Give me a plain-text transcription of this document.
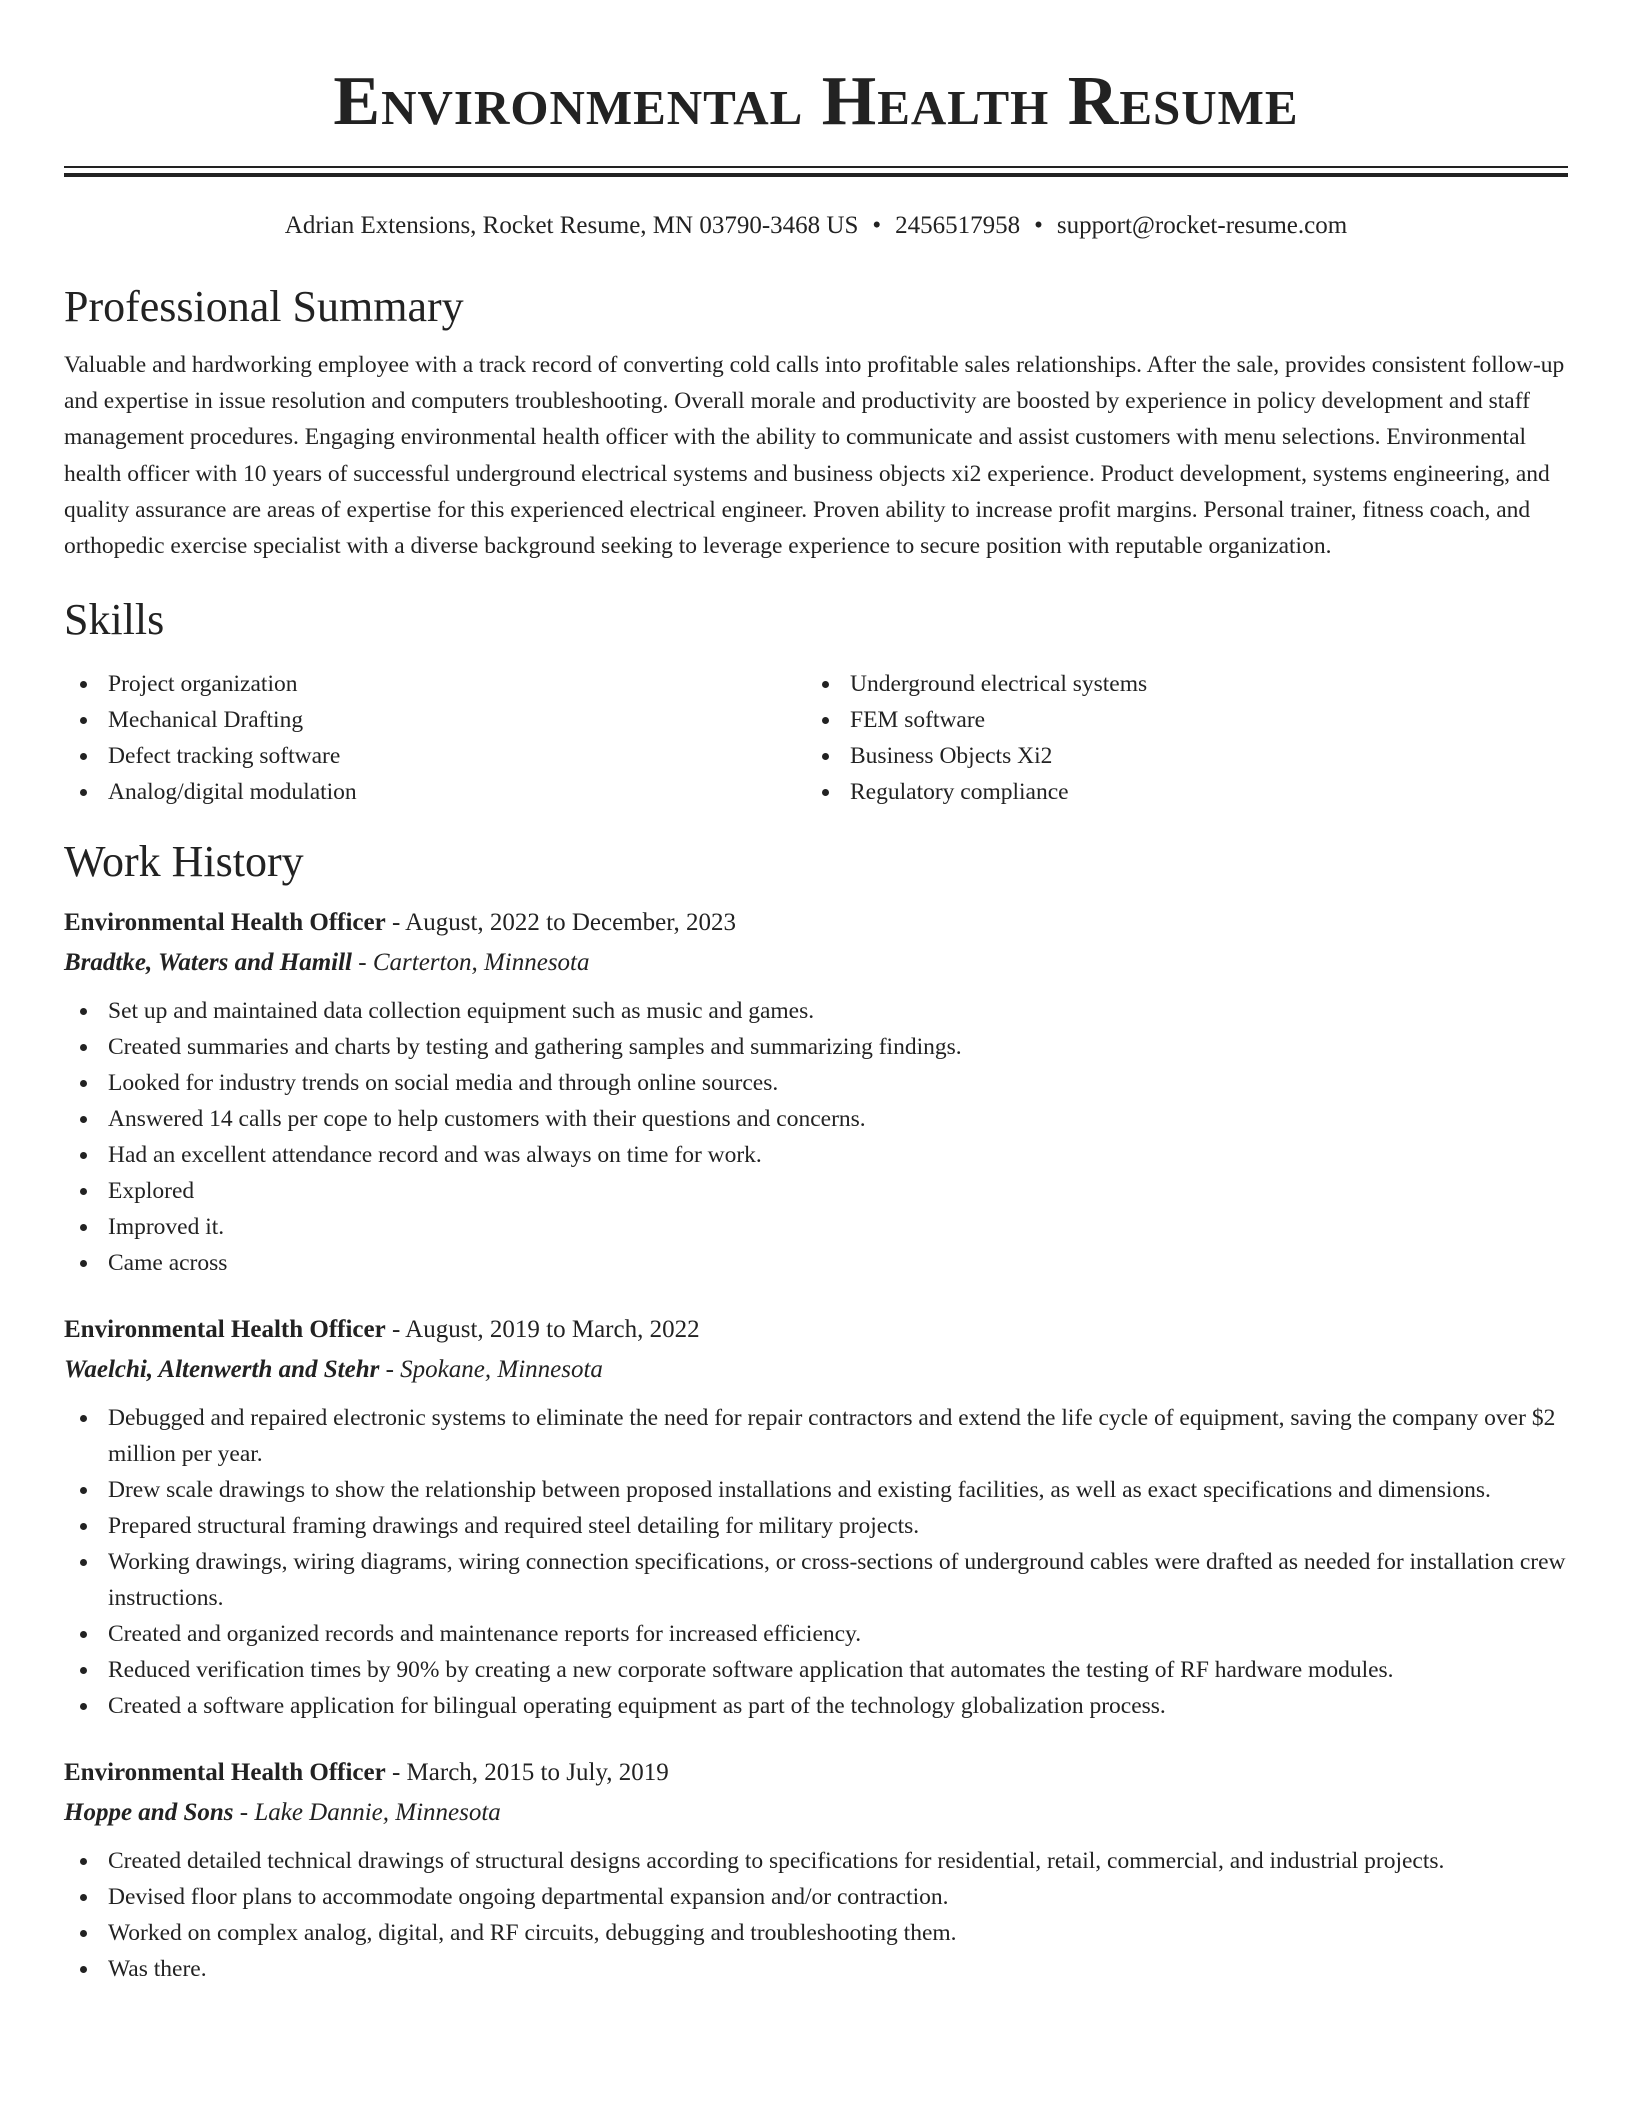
Environmental Health Resume
Adrian Extensions, Rocket Resume, MN 03790-3468 US • 2456517958 • support@rocket-resume.com
Professional Summary

Valuable and hardworking employee with a track record of converting cold calls into profitable sales relationships. After the sale, provides consistent follow-up and expertise in issue resolution and computers troubleshooting. Overall morale and productivity are boosted by experience in policy development and staff management procedures. Engaging environmental health officer with the ability to communicate and assist customers with menu selections. Environmental health officer with 10 years of successful underground electrical systems and business objects xi2 experience. Product development, systems engineering, and quality assurance are areas of expertise for this experienced electrical engineer. Proven ability to increase profit margins. Personal trainer, fitness coach, and orthopedic exercise specialist with a diverse background seeking to leverage experience to secure position with reputable organization.

Skills
Project organization
Mechanical Drafting
Defect tracking software
Analog/digital modulation
Underground electrical systems
FEM software
Business Objects Xi2
Regulatory compliance
Work History
Environmental Health Officer - August, 2022 to December, 2023
Bradtke, Waters and Hamill - Carterton, Minnesota
Set up and maintained data collection equipment such as music and games.
Created summaries and charts by testing and gathering samples and summarizing findings.
Looked for industry trends on social media and through online sources.
Answered 14 calls per cope to help customers with their questions and concerns.
Had an excellent attendance record and was always on time for work.
Explored
Improved it.
Came across
Environmental Health Officer - August, 2019 to March, 2022
Waelchi, Altenwerth and Stehr - Spokane, Minnesota
Debugged and repaired electronic systems to eliminate the need for repair contractors and extend the life cycle of equipment, saving the company over $2 million per year.
Drew scale drawings to show the relationship between proposed installations and existing facilities, as well as exact specifications and dimensions.
Prepared structural framing drawings and required steel detailing for military projects.
Working drawings, wiring diagrams, wiring connection specifications, or cross-sections of underground cables were drafted as needed for installation crew instructions.
Created and organized records and maintenance reports for increased efficiency.
Reduced verification times by 90% by creating a new corporate software application that automates the testing of RF hardware modules.
Created a software application for bilingual operating equipment as part of the technology globalization process.
Environmental Health Officer - March, 2015 to July, 2019
Hoppe and Sons - Lake Dannie, Minnesota
Created detailed technical drawings of structural designs according to specifications for residential, retail, commercial, and industrial projects.
Devised floor plans to accommodate ongoing departmental expansion and/or contraction.
Worked on complex analog, digital, and RF circuits, debugging and troubleshooting them.
Was there.
